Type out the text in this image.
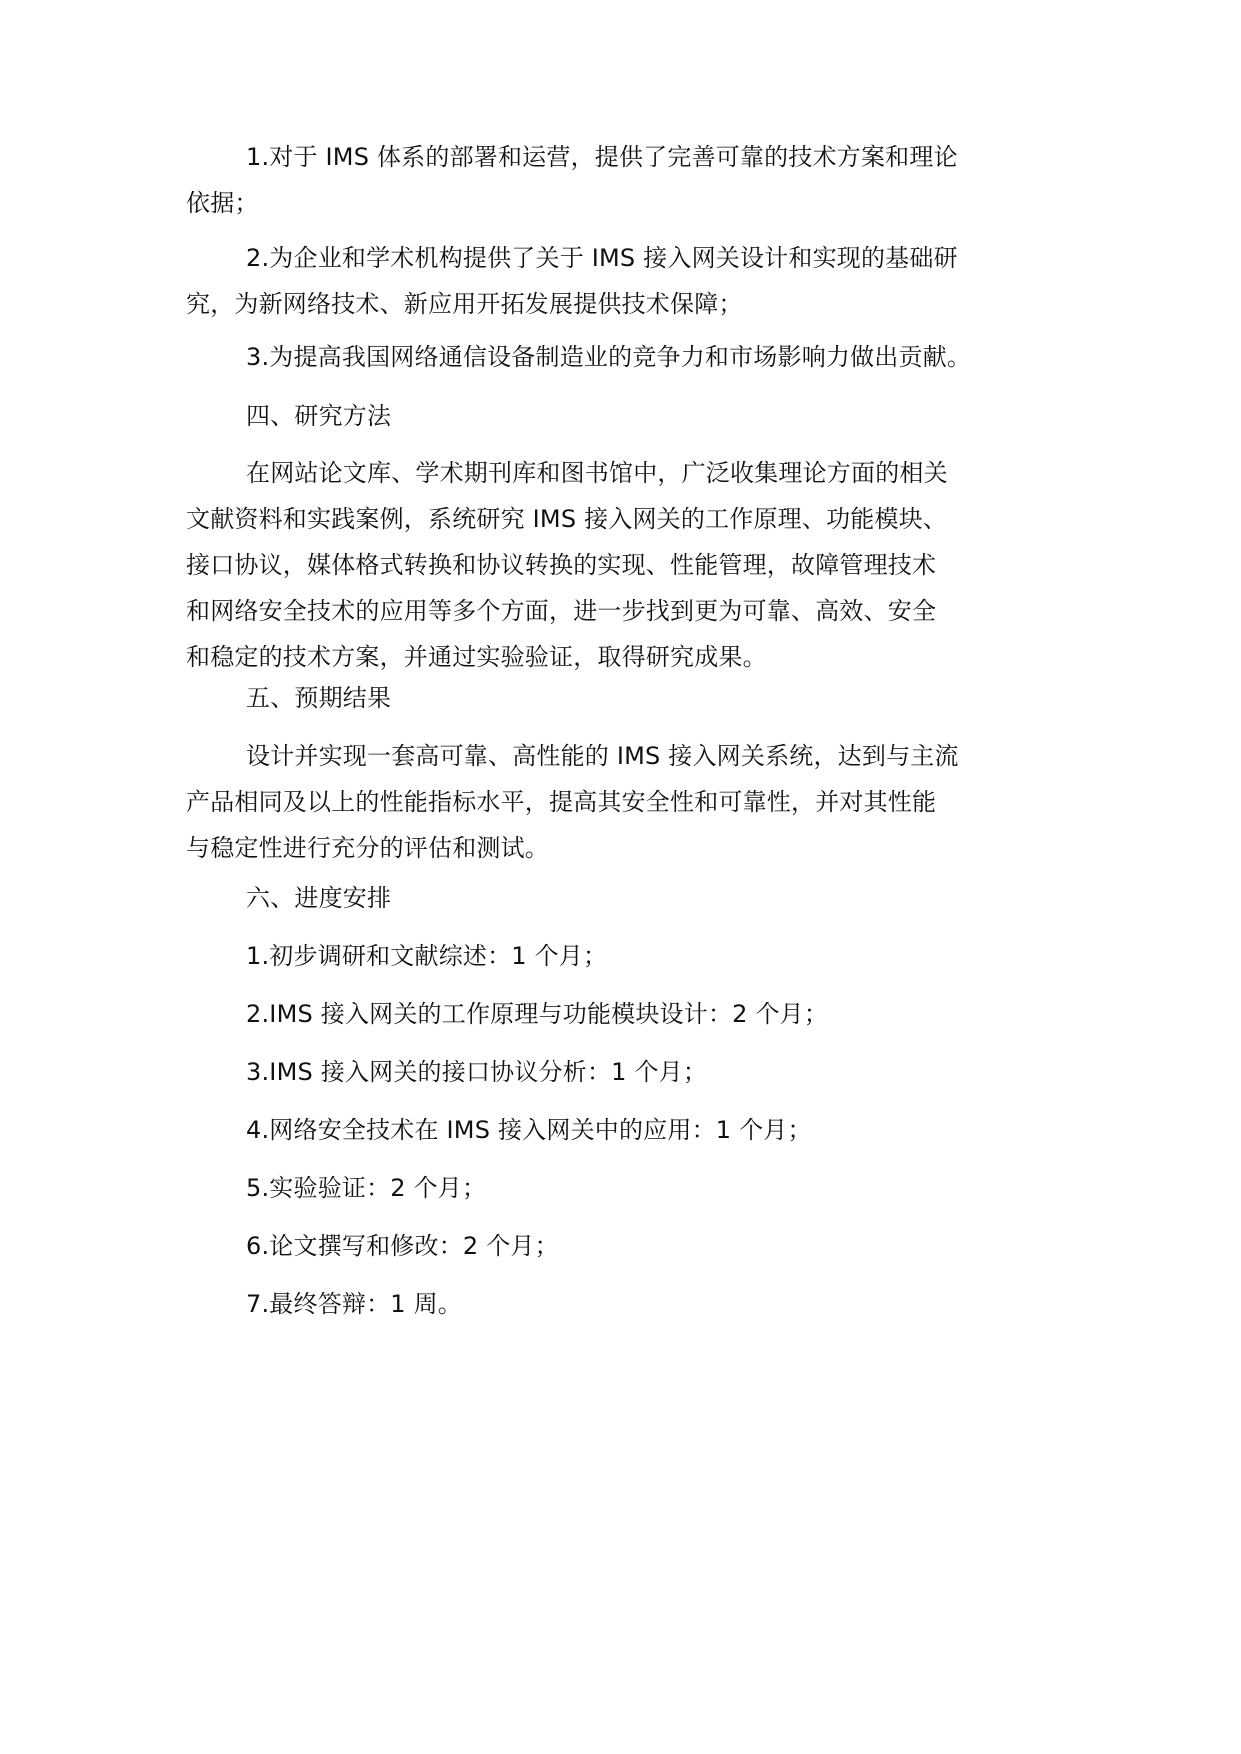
1.对于 IMS 体系的部署和运营，提供了完善可靠的技术方案和理论
依据；
2.为企业和学术机构提供了关于 IMS 接入网关设计和实现的基础研
究，为新网络技术、新应用开拓发展提供技术保障；
3.为提高我国网络通信设备制造业的竞争力和市场影响力做出贡献。
四、研究方法
在网站论文库、学术期刊库和图书馆中，广泛收集理论方面的相关
文献资料和实践案例，系统研究 IMS 接入网关的工作原理、功能模块、
接口协议，媒体格式转换和协议转换的实现、性能管理，故障管理技术
和网络安全技术的应用等多个方面，进一步找到更为可靠、高效、安全
和稳定的技术方案，并通过实验验证，取得研究成果。
五、预期结果
设计并实现一套高可靠、高性能的 IMS 接入网关系统，达到与主流
产品相同及以上的性能指标水平，提高其安全性和可靠性，并对其性能
与稳定性进行充分的评估和测试。
六、进度安排
1.初步调研和文献综述：1 个月；
2.IMS 接入网关的工作原理与功能模块设计：2 个月；
3.IMS 接入网关的接口协议分析：1 个月；
4.网络安全技术在 IMS 接入网关中的应用：1 个月；
5.实验验证：2 个月；
6.论文撰写和修改：2 个月；
7.最终答辩：1 周。
